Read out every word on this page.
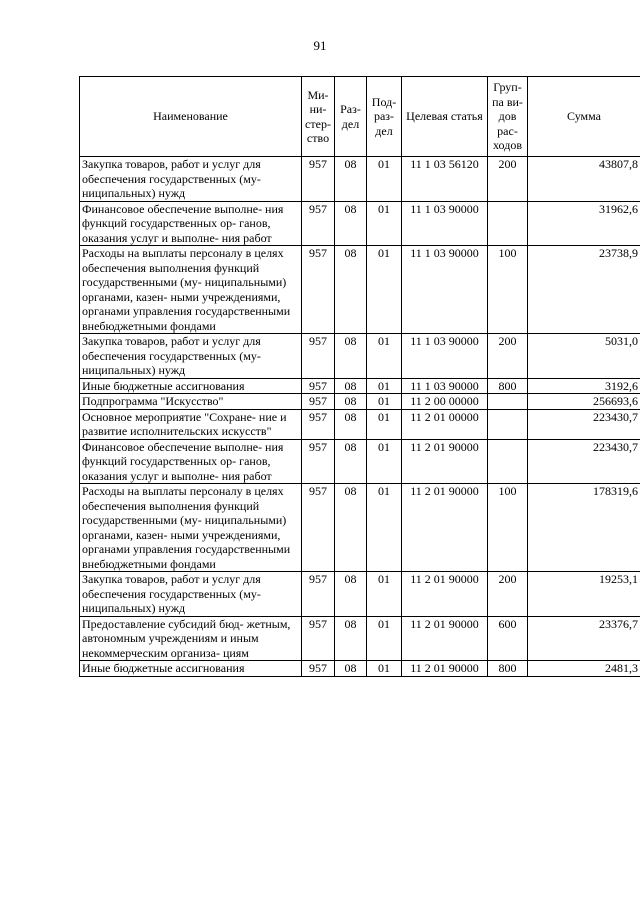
91
Наименование	Ми- ни- стер- ство	Раз- дел	Под- раз- дел	Целевая статья	Груп- па ви- дов рас- ходов	Сумма
Закупка товаров, работ и услуг для обеспечения государственных (му- ниципальных) нужд	957	08	01	11 1 03 56120	200	43807,8
Финансовое обеспечение выполне- ния функций государственных ор- ганов, оказания услуг и выполне- ния работ	957	08	01	11 1 03 90000		31962,6
Расходы на выплаты персоналу в целях обеспечения выполнения функций государственными (му- ниципальными) органами, казен- ными учреждениями, органами управления государственными внебюджетными фондами	957	08	01	11 1 03 90000	100	23738,9
Закупка товаров, работ и услуг для обеспечения государственных (му- ниципальных) нужд	957	08	01	11 1 03 90000	200	5031,0
Иные бюджетные ассигнования	957	08	01	11 1 03 90000	800	3192,6
Подпрограмма "Искусство"	957	08	01	11 2 00 00000		256693,6
Основное мероприятие "Сохране- ние и развитие исполнительских искусств"	957	08	01	11 2 01 00000		223430,7
Финансовое обеспечение выполне- ния функций государственных ор- ганов, оказания услуг и выполне- ния работ	957	08	01	11 2 01 90000		223430,7
Расходы на выплаты персоналу в целях обеспечения выполнения функций государственными (му- ниципальными) органами, казен- ными учреждениями, органами управления государственными внебюджетными фондами	957	08	01	11 2 01 90000	100	178319,6
Закупка товаров, работ и услуг для обеспечения государственных (му- ниципальных) нужд	957	08	01	11 2 01 90000	200	19253,1
Предоставление субсидий бюд- жетным, автономным учреждениям и иным некоммерческим организа- циям	957	08	01	11 2 01 90000	600	23376,7
Иные бюджетные ассигнования	957	08	01	11 2 01 90000	800	2481,3
